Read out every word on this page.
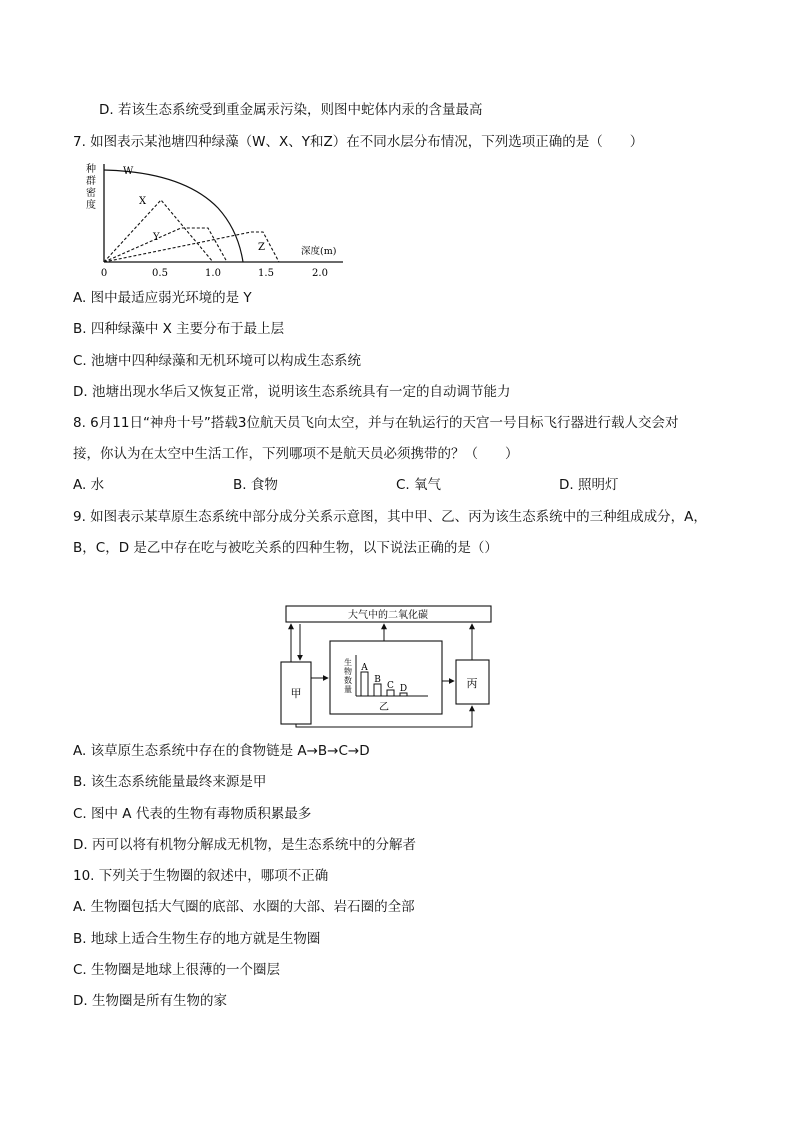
D. 若该生态系统受到重金属汞污染，则图中蛇体内汞的含量最高
7. 如图表示某池塘四种绿藻（W、X、Y和Z）在不同水层分布情况，下列选项正确的是（　　）
种
群
密
度
W
X
Y
Z	深度(m)
0	0.5	1.0	1.5	2.0
A. 图中最适应弱光环境的是 Y
B. 四种绿藻中 X 主要分布于最上层
C. 池塘中四种绿藻和无机环境可以构成生态系统
D. 池塘出现水华后又恢复正常，说明该生态系统具有一定的自动调节能力
8. 6月11日“神舟十号”搭载3位航天员飞向太空，并与在轨运行的天宫一号目标飞行器进行载人交会对
接，你认为在太空中生活工作，下列哪项不是航天员必须携带的？（　　）
A. 水	B. 食物	C. 氧气	D. 照明灯
9. 如图表示某草原生态系统中部分成分关系示意图，其中甲、乙、丙为该生态系统中的三种组成成分，A，
B，C，D 是乙中存在吃与被吃关系的四种生物，以下说法正确的是（）
大气中的二氧化碳
甲
丙
乙
生
物
数
量
A
B
C D
A. 该草原生态系统中存在的食物链是 A→B→C→D
B. 该生态系统能量最终来源是甲
C. 图中 A 代表的生物有毒物质积累最多
D. 丙可以将有机物分解成无机物，是生态系统中的分解者
10. 下列关于生物圈的叙述中，哪项不正确
A. 生物圈包括大气圈的底部、水圈的大部、岩石圈的全部
B. 地球上适合生物生存的地方就是生物圈
C. 生物圈是地球上很薄的一个圈层
D. 生物圈是所有生物的家
